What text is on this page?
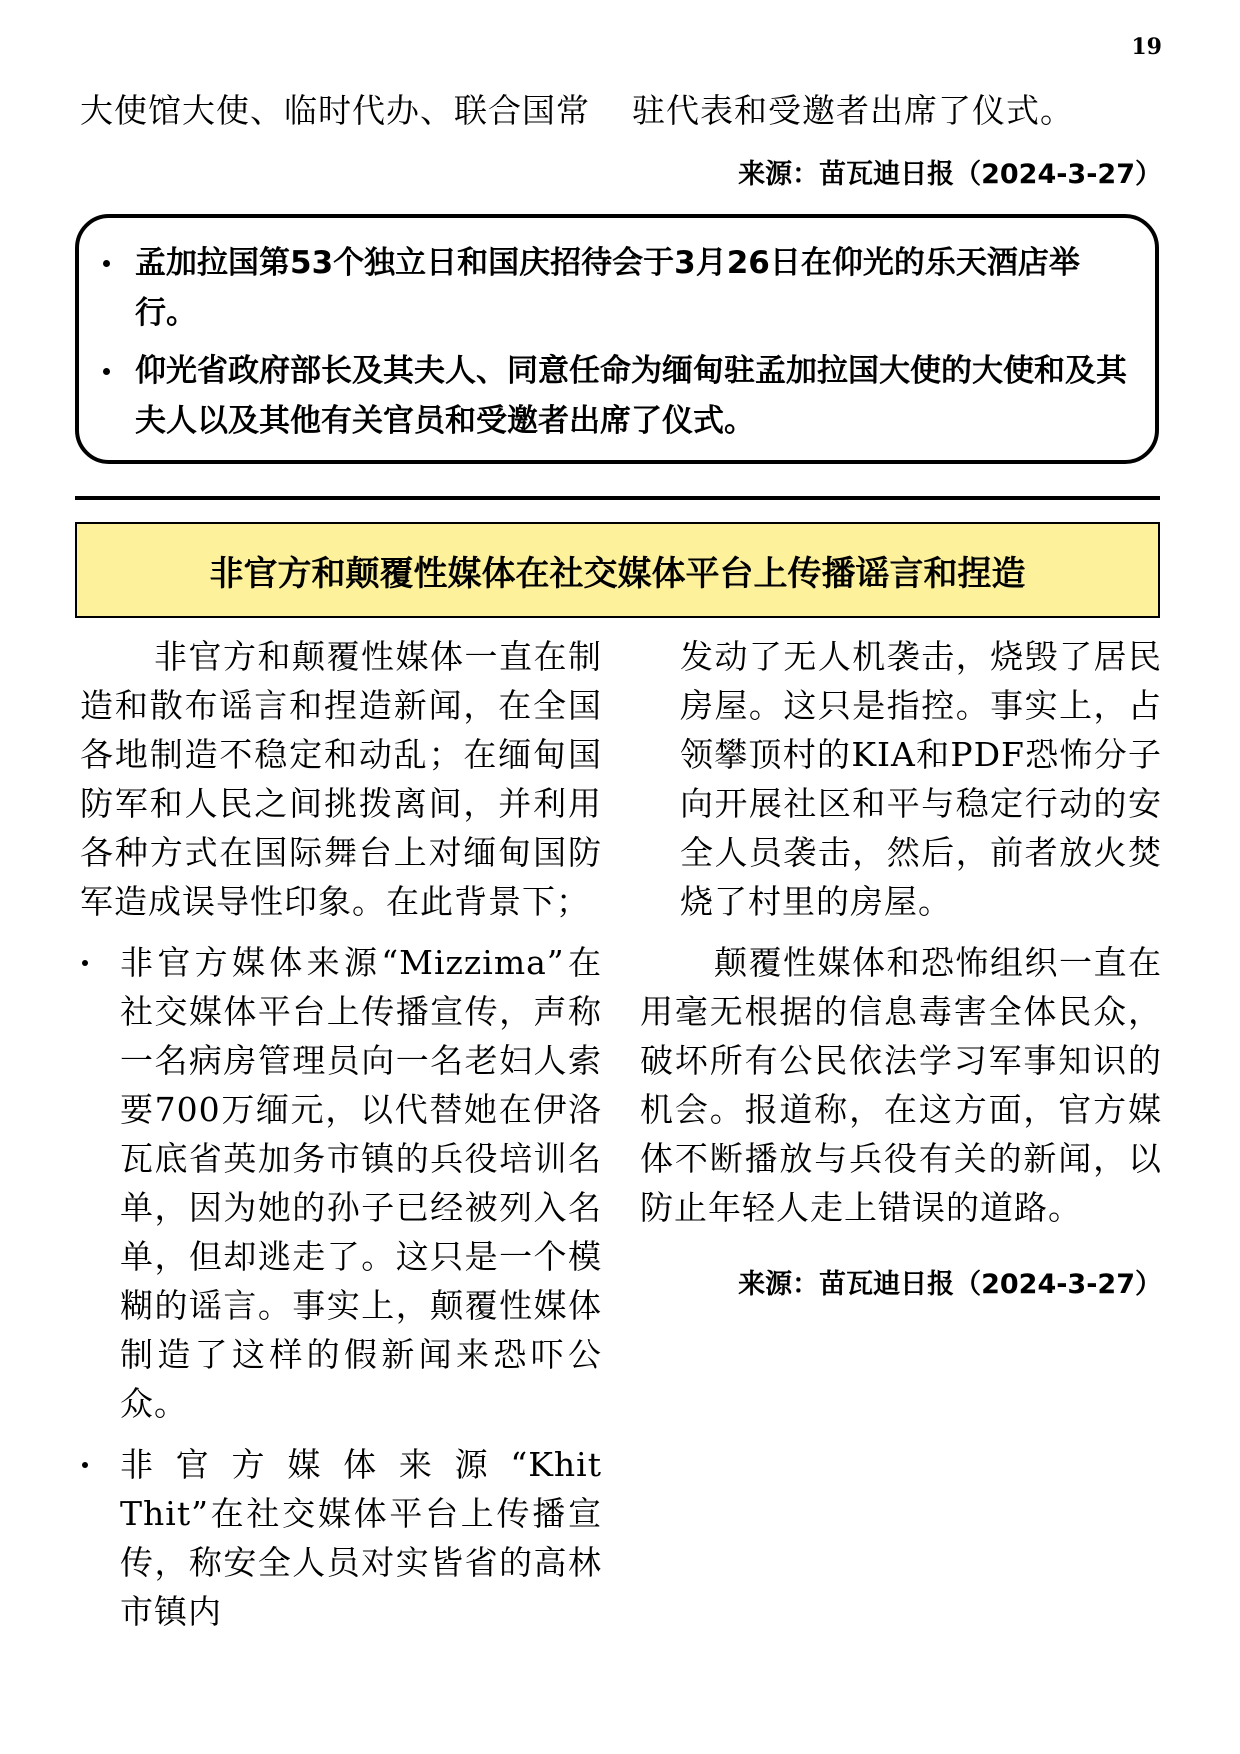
19
大使馆大使、临时代办、联合国常 驻代表和受邀者出席了仪式。
来源：苗瓦迪日报（2024-3-27）
孟加拉国第53个独立日和国庆招待会于3月26日在仰光的乐天酒店举行。
仰光省政府部长及其夫人、同意任命为缅甸驻孟加拉国大使的大使和及其夫人以及其他有关官员和受邀者出席了仪式。
非官方和颠覆性媒体在社交媒体平台上传播谣言和捏造

非官方和颠覆性媒体一直在制造和散布谣言和捏造新闻，在全国各地制造不稳定和动乱；在缅甸国防军和人民之间挑拨离间，并利用各种方式在国际舞台上对缅甸国防军造成误导性印象。在此背景下；

非官方媒体来源“Mizzima”在社交媒体平台上传播宣传，声称一名病房管理员向一名老妇人索要700万缅元，以代替她在伊洛瓦底省英加务市镇的兵役培训名单，因为她的孙子已经被列入名单，但却逃走了。这只是一个模糊的谣言。事实上，颠覆性媒体制造了这样的假新闻来恐吓公众。
非官方媒体来源“Khit　Thit”在社交媒体平台上传播宣传，称安全人员对实皆省的高林市镇内

发动了无人机袭击，烧毁了居民房屋。这只是指控。事实上，占领攀顶村的KIA和PDF恐怖分子向开展社区和平与稳定行动的安全人员袭击，然后，前者放火焚烧了村里的房屋。

颠覆性媒体和恐怖组织一直在用毫无根据的信息毒害全体民众，破坏所有公民依法学习军事知识的机会。报道称，在这方面，官方媒体不断播放与兵役有关的新闻，以防止年轻人走上错误的道路。

来源：苗瓦迪日报（2024-3-27）
